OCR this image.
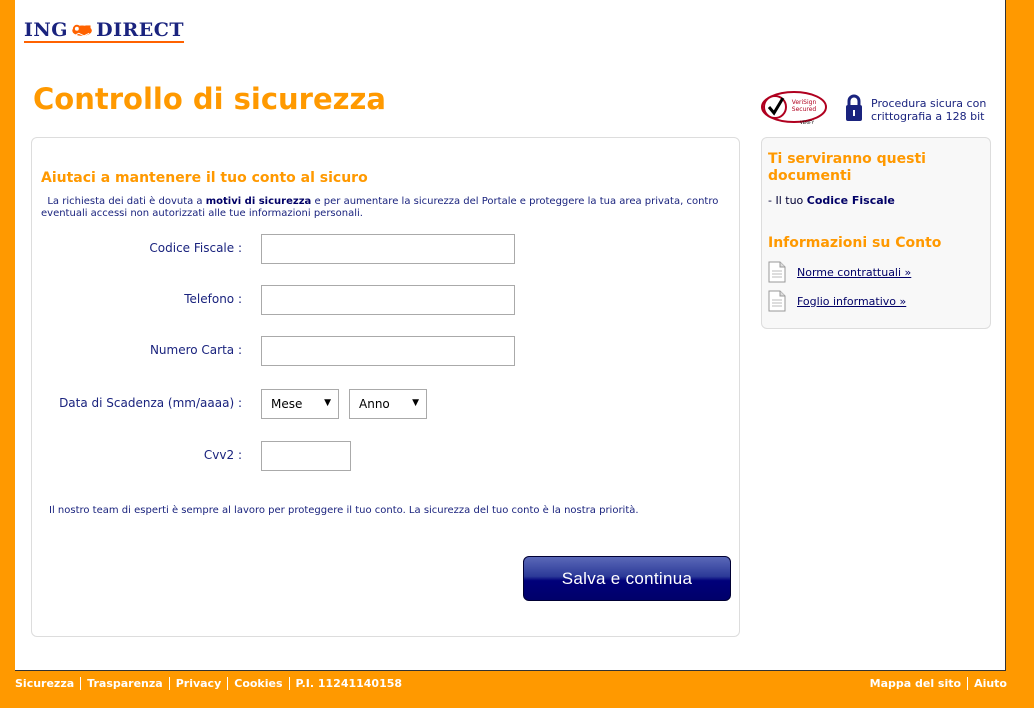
ING DIRECT
Controllo di sicurezza	VeriSign
Secured
VERIFY
Procedura sicura con
crittografia a 128 bit
Aiutaci a mantenere il tuo conto al sicuro
La richiesta dei dati è dovuta a motivi di sicurezza e per aumentare la sicurezza del Portale e proteggere la tua area privata, contro eventuali accessi non autorizzati alle tue informazioni personali.
Codice Fiscale :
Telefono :
Numero Carta :
Data di Scadenza (mm/aaaa) : Mese ▼ Anno ▼
Cvv2 :
Il nostro team di esperti è sempre al lavoro per proteggere il tuo conto. La sicurezza del tuo conto è la nostra priorità.
Salva e continua
Ti serviranno questi
documenti
- Il tuo Codice Fiscale
Informazioni su Conto
Norme contrattuali »
Foglio informativo »
Sicurezza	Trasparenza	Privacy	Cookies	P.I. 11241140158	Mappa del sito	Aiuto
